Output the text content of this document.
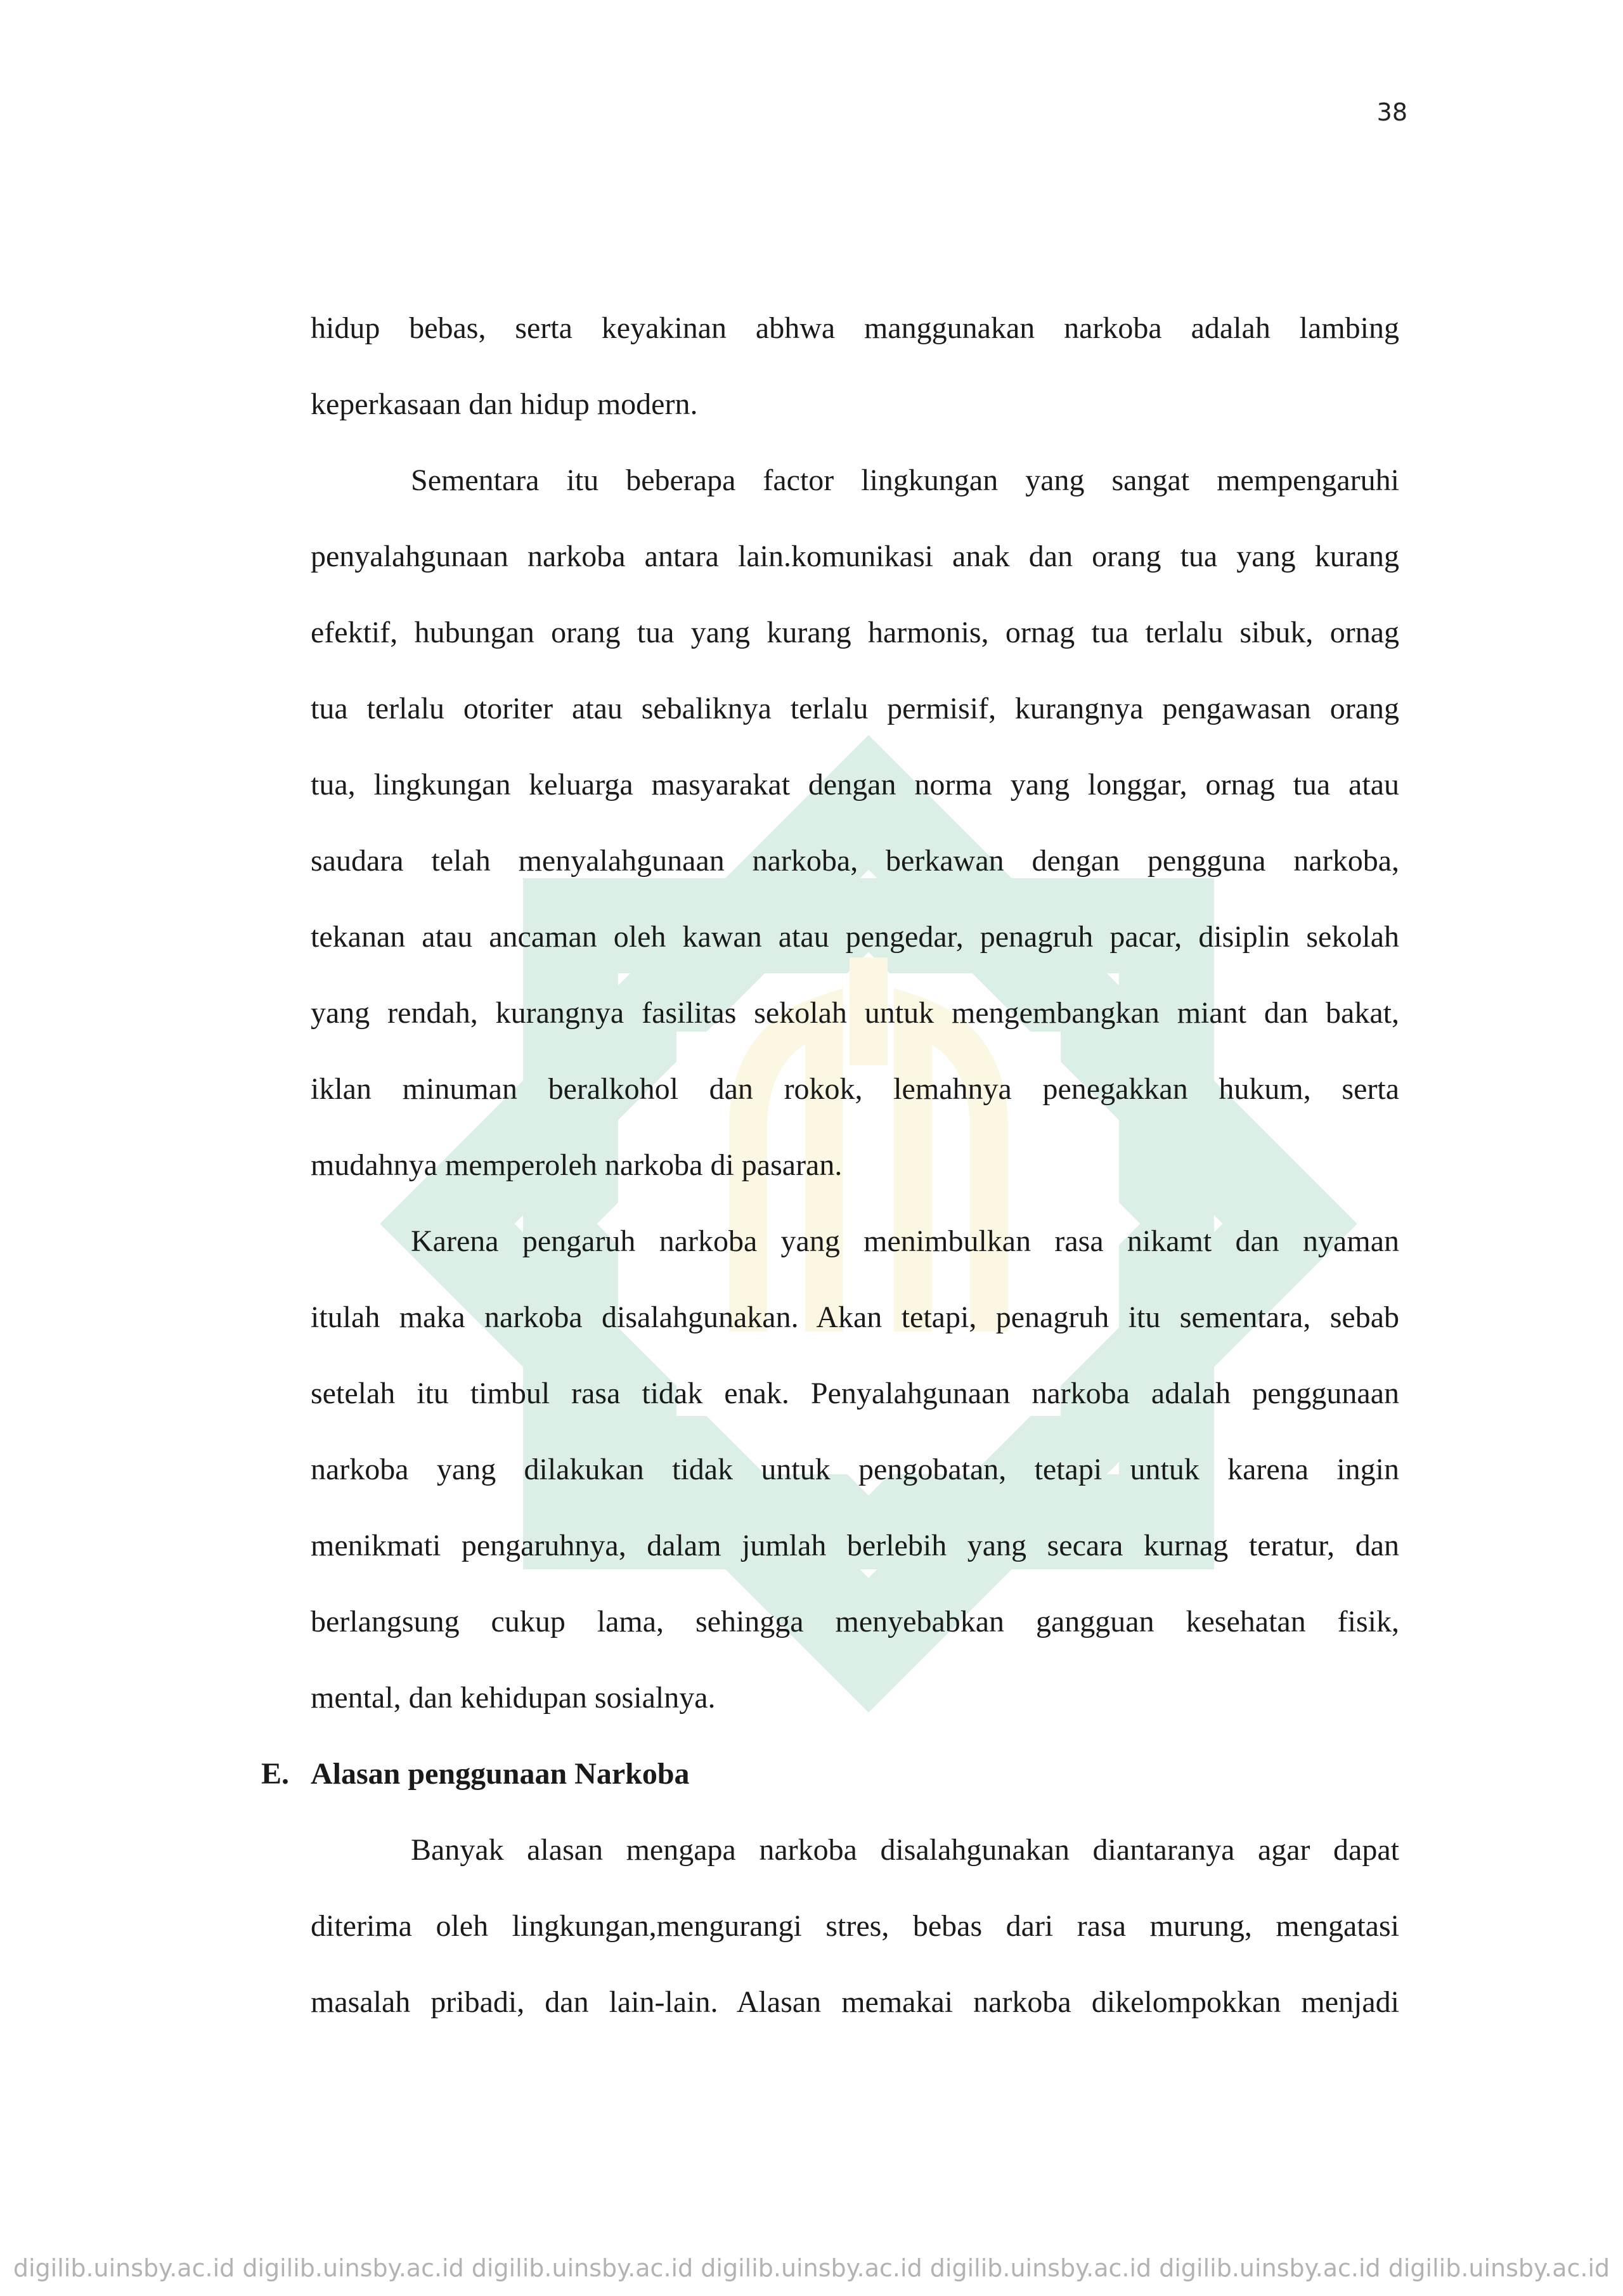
38
hidup bebas, serta keyakinan abhwa manggunakan narkoba adalah lambing
keperkasaan dan hidup modern.
Sementara itu beberapa factor lingkungan yang sangat mempengaruhi
penyalahgunaan narkoba antara lain.komunikasi anak dan orang tua yang kurang
efektif, hubungan orang tua yang kurang harmonis, ornag tua terlalu sibuk, ornag
tua terlalu otoriter atau sebaliknya terlalu permisif, kurangnya pengawasan orang
tua, lingkungan keluarga masyarakat dengan norma yang longgar, ornag tua atau
saudara telah menyalahgunaan narkoba, berkawan dengan pengguna narkoba,
tekanan atau ancaman oleh kawan atau pengedar, penagruh pacar, disiplin sekolah
yang rendah, kurangnya fasilitas sekolah untuk mengembangkan miant dan bakat,
iklan minuman beralkohol dan rokok, lemahnya penegakkan hukum, serta
mudahnya memperoleh narkoba di pasaran.
Karena pengaruh narkoba yang menimbulkan rasa nikamt dan nyaman
itulah maka narkoba disalahgunakan. Akan tetapi, penagruh itu sementara, sebab
setelah itu timbul rasa tidak enak. Penyalahgunaan narkoba adalah penggunaan
narkoba yang dilakukan tidak untuk pengobatan, tetapi untuk karena ingin
menikmati pengaruhnya, dalam jumlah berlebih yang secara kurnag teratur, dan
berlangsung cukup lama, sehingga menyebabkan gangguan kesehatan fisik,
mental, dan kehidupan sosialnya.
E. Alasan penggunaan Narkoba
Banyak alasan mengapa narkoba disalahgunakan diantaranya agar dapat
diterima oleh lingkungan,mengurangi stres, bebas dari rasa murung, mengatasi
masalah pribadi, dan lain-lain. Alasan memakai narkoba dikelompokkan menjadi
digilib.uinsby.ac.id digilib.uinsby.ac.id digilib.uinsby.ac.id digilib.uinsby.ac.id digilib.uinsby.ac.id digilib.uinsby.ac.id digilib.uinsby.ac.id
